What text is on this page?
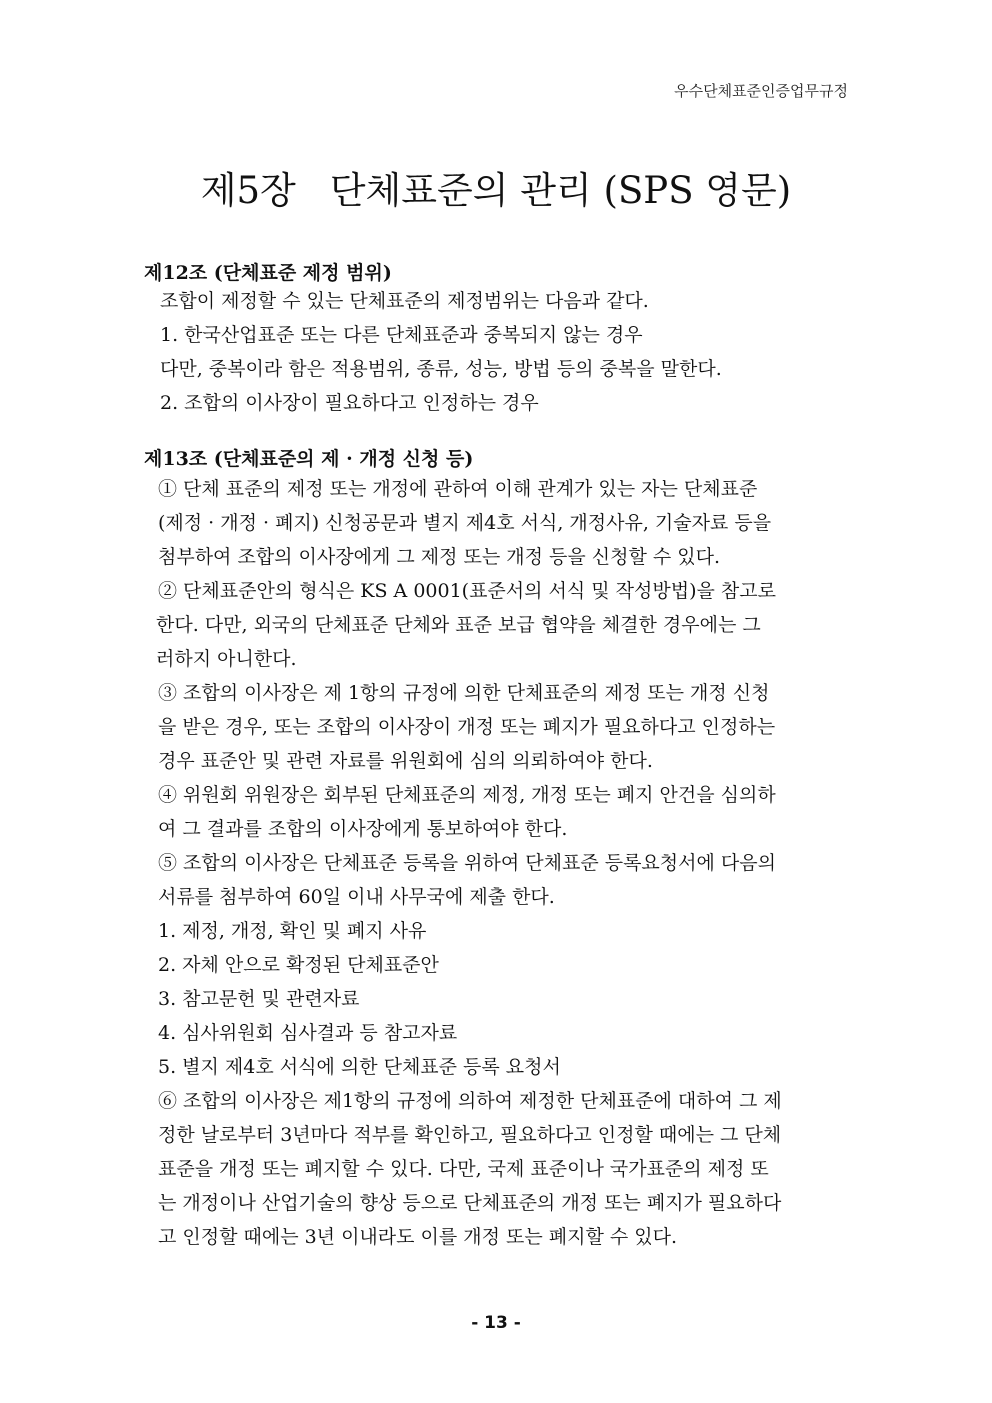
우수단체표준인증업무규정
제5장 단체표준의 관리 (SPS 영문)
제12조 (단체표준 제정 범위)
조합이 제정할 수 있는 단체표준의 제정범위는 다음과 같다.
1. 한국산업표준 또는 다른 단체표준과 중복되지 않는 경우
다만, 중복이라 함은 적용범위, 종류, 성능, 방법 등의 중복을 말한다.
2. 조합의 이사장이 필요하다고 인정하는 경우
제13조 (단체표준의 제 · 개정 신청 등)
① 단체 표준의 제정 또는 개정에 관하여 이해 관계가 있는 자는 단체표준
(제정 · 개정 · 폐지) 신청공문과 별지 제4호 서식, 개정사유, 기술자료 등을
첨부하여 조합의 이사장에게 그 제정 또는 개정 등을 신청할 수 있다.
② 단체표준안의 형식은 KS A 0001(표준서의 서식 및 작성방법)을 참고로
한다. 다만, 외국의 단체표준 단체와 표준 보급 협약을 체결한 경우에는 그
러하지 아니한다.
③ 조합의 이사장은 제 1항의 규정에 의한 단체표준의 제정 또는 개정 신청
을 받은 경우, 또는 조합의 이사장이 개정 또는 폐지가 필요하다고 인정하는
경우 표준안 및 관련 자료를 위원회에 심의 의뢰하여야 한다.
④ 위원회 위원장은 회부된 단체표준의 제정, 개정 또는 폐지 안건을 심의하
여 그 결과를 조합의 이사장에게 통보하여야 한다.
⑤ 조합의 이사장은 단체표준 등록을 위하여 단체표준 등록요청서에 다음의
서류를 첨부하여 60일 이내 사무국에 제출 한다.
1. 제정, 개정, 확인 및 폐지 사유
2. 자체 안으로 확정된 단체표준안
3. 참고문헌 및 관련자료
4. 심사위원회 심사결과 등 참고자료
5. 별지 제4호 서식에 의한 단체표준 등록 요청서
⑥ 조합의 이사장은 제1항의 규정에 의하여 제정한 단체표준에 대하여 그 제
정한 날로부터 3년마다 적부를 확인하고, 필요하다고 인정할 때에는 그 단체
표준을 개정 또는 폐지할 수 있다. 다만, 국제 표준이나 국가표준의 제정 또
는 개정이나 산업기술의 향상 등으로 단체표준의 개정 또는 폐지가 필요하다
고 인정할 때에는 3년 이내라도 이를 개정 또는 폐지할 수 있다.
- 13 -
